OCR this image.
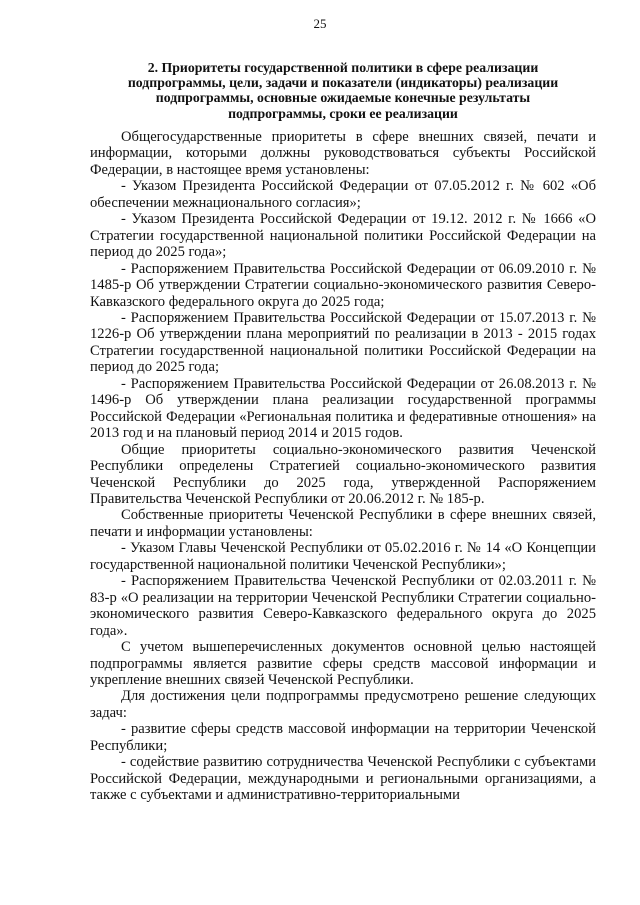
25
2. Приоритеты государственной политики в сфере реализации
подпрограммы, цели, задачи и показатели (индикаторы) реализации
подпрограммы, основные ожидаемые конечные результаты
подпрограммы, сроки ее реализации

Общегосударственные приоритеты в сфере внешних связей, печати и информации, которыми должны руководствоваться субъекты Российской Федерации, в настоящее время установлены:

- Указом Президента Российской Федерации от 07.05.2012 г. № 602 «Об обеспечении межнационального согласия»;

- Указом Президента Российской Федерации от 19.12. 2012 г. № 1666 «О Стратегии государственной национальной политики Российской Федерации на период до 2025 года»;

- Распоряжением Правительства Российской Федерации от 06.09.2010 г. № 1485-р Об утверждении Стратегии социально-экономического развития Северо-Кавказского федерального округа до 2025 года;

- Распоряжением Правительства Российской Федерации от 15.07.2013 г. № 1226-р Об утверждении плана мероприятий по реализации в 2013 - 2015 годах Стратегии государственной национальной политики Российской Федерации на период до 2025 года;

- Распоряжением Правительства Российской Федерации от 26.08.2013 г. № 1496-р Об утверждении плана реализации государственной программы Российской Федерации «Региональная политика и федеративные отношения» на 2013 год и на плановый период 2014 и 2015 годов.

Общие приоритеты социально-экономического развития Чеченской Республики определены Стратегией социально-экономического развития Чеченской Республики до 2025 года, утвержденной Распоряжением Правительства Чеченской Республики от 20.06.2012 г. № 185-р.

Собственные приоритеты Чеченской Республики в сфере внешних связей, печати и информации установлены:

- Указом Главы Чеченской Республики от 05.02.2016 г. № 14 «О Концепции государственной национальной политики Чеченской Республики»;

- Распоряжением Правительства Чеченской Республики от 02.03.2011 г. № 83-р «О реализации на территории Чеченской Республики Стратегии социально-экономического развития Северо-Кавказского федерального округа до 2025 года».

С учетом вышеперечисленных документов основной целью настоящей подпрограммы является развитие сферы средств массовой информации и укрепление внешних связей Чеченской Республики.

Для достижения цели подпрограммы предусмотрено решение следующих задач:

- развитие сферы средств массовой информации на территории Чеченской Республики;

- содействие развитию сотрудничества Чеченской Республики с субъектами Российской Федерации, международными и региональными организациями, а также с субъектами и административно-территориальными
